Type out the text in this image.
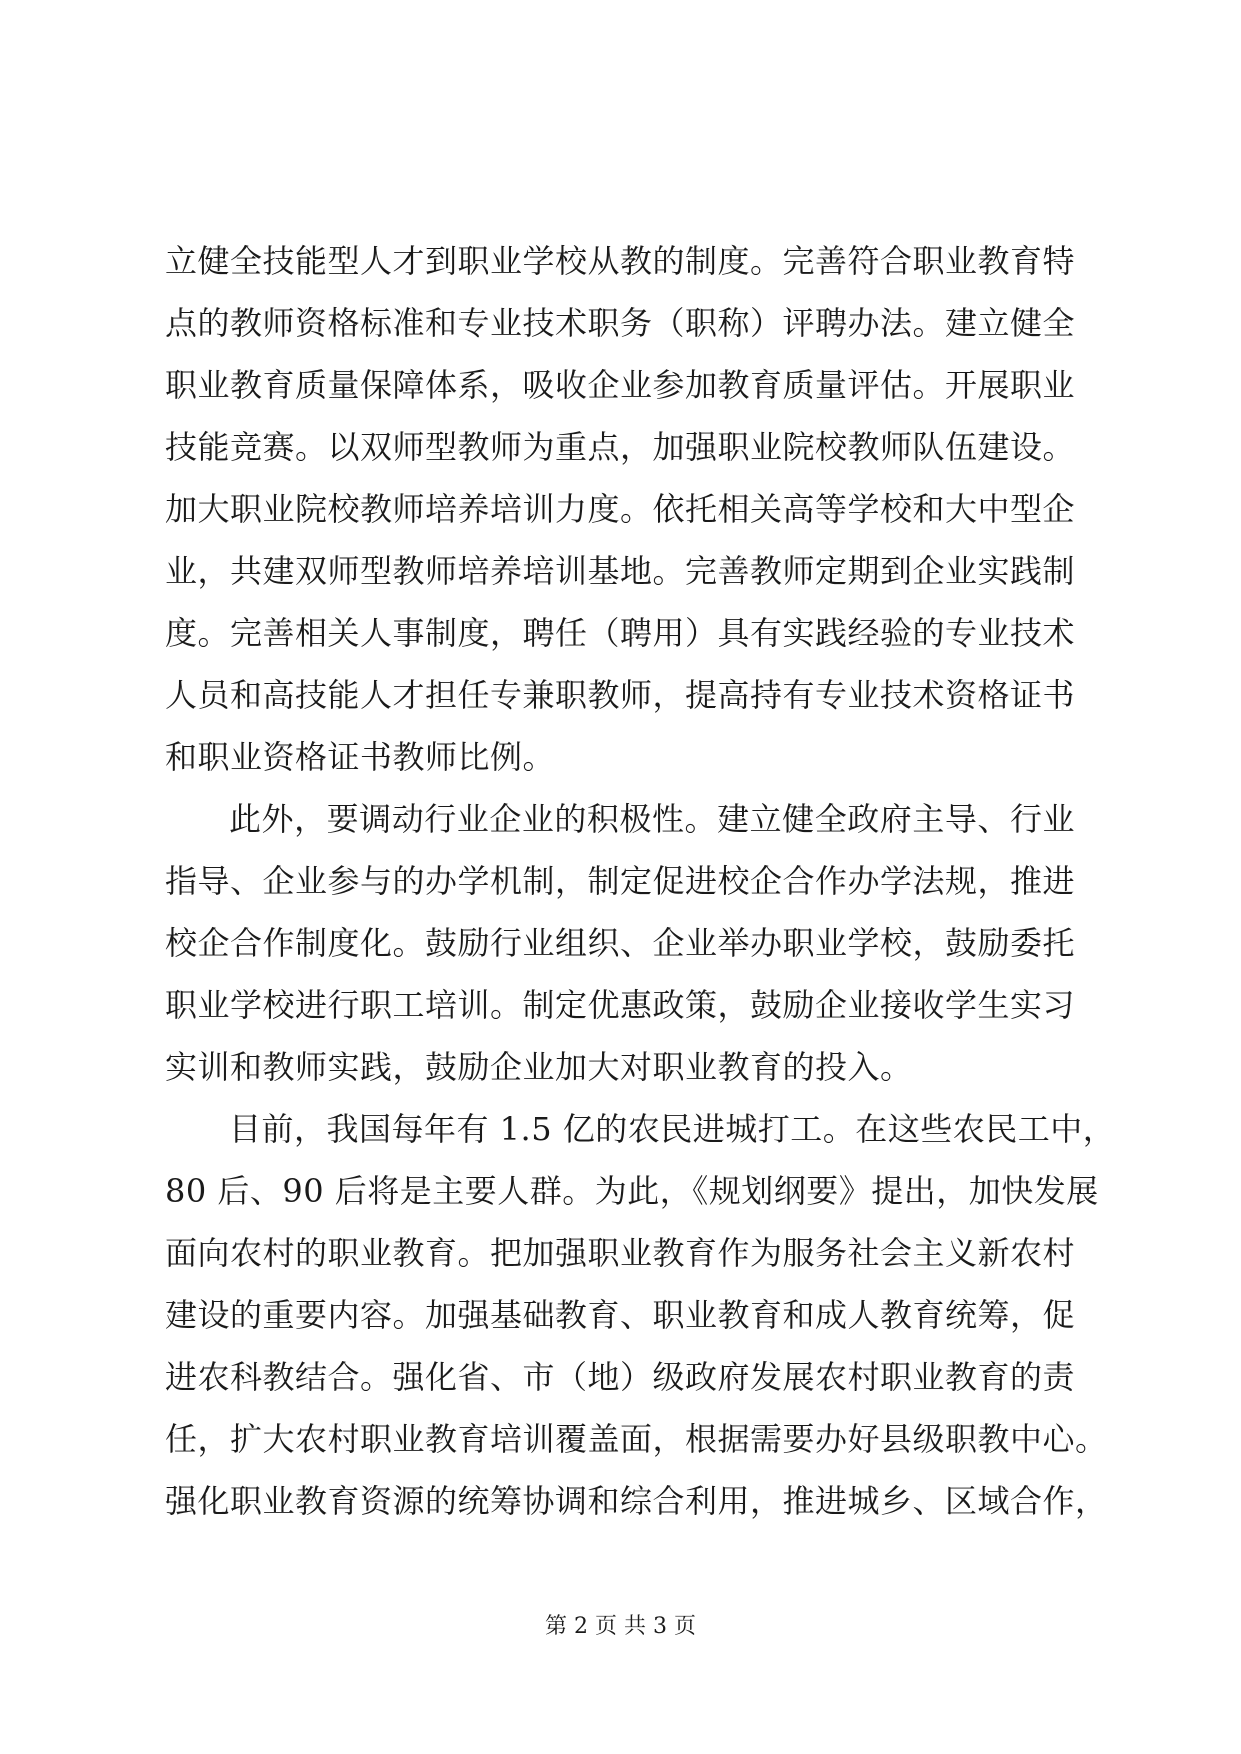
立健全技能型人才到职业学校从教的制度。完善符合职业教育特
点的教师资格标准和专业技术职务（职称）评聘办法。建立健全
职业教育质量保障体系，吸收企业参加教育质量评估。开展职业
技能竞赛。以双师型教师为重点，加强职业院校教师队伍建设。
加大职业院校教师培养培训力度。依托相关高等学校和大中型企
业，共建双师型教师培养培训基地。完善教师定期到企业实践制
度。完善相关人事制度，聘任（聘用）具有实践经验的专业技术
人员和高技能人才担任专兼职教师，提高持有专业技术资格证书
和职业资格证书教师比例。
此外，要调动行业企业的积极性。建立健全政府主导、行业
指导、企业参与的办学机制，制定促进校企合作办学法规，推进
校企合作制度化。鼓励行业组织、企业举办职业学校，鼓励委托
职业学校进行职工培训。制定优惠政策，鼓励企业接收学生实习
实训和教师实践，鼓励企业加大对职业教育的投入。
目前，我国每年有 1.5 亿的农民进城打工。在这些农民工中，
80 后、90 后将是主要人群。为此，《规划纲要》提出，加快发展
面向农村的职业教育。把加强职业教育作为服务社会主义新农村
建设的重要内容。加强基础教育、职业教育和成人教育统筹，促
进农科教结合。强化省、市（地）级政府发展农村职业教育的责
任，扩大农村职业教育培训覆盖面，根据需要办好县级职教中心。
强化职业教育资源的统筹协调和综合利用，推进城乡、区域合作，
第 2 页 共 3 页
